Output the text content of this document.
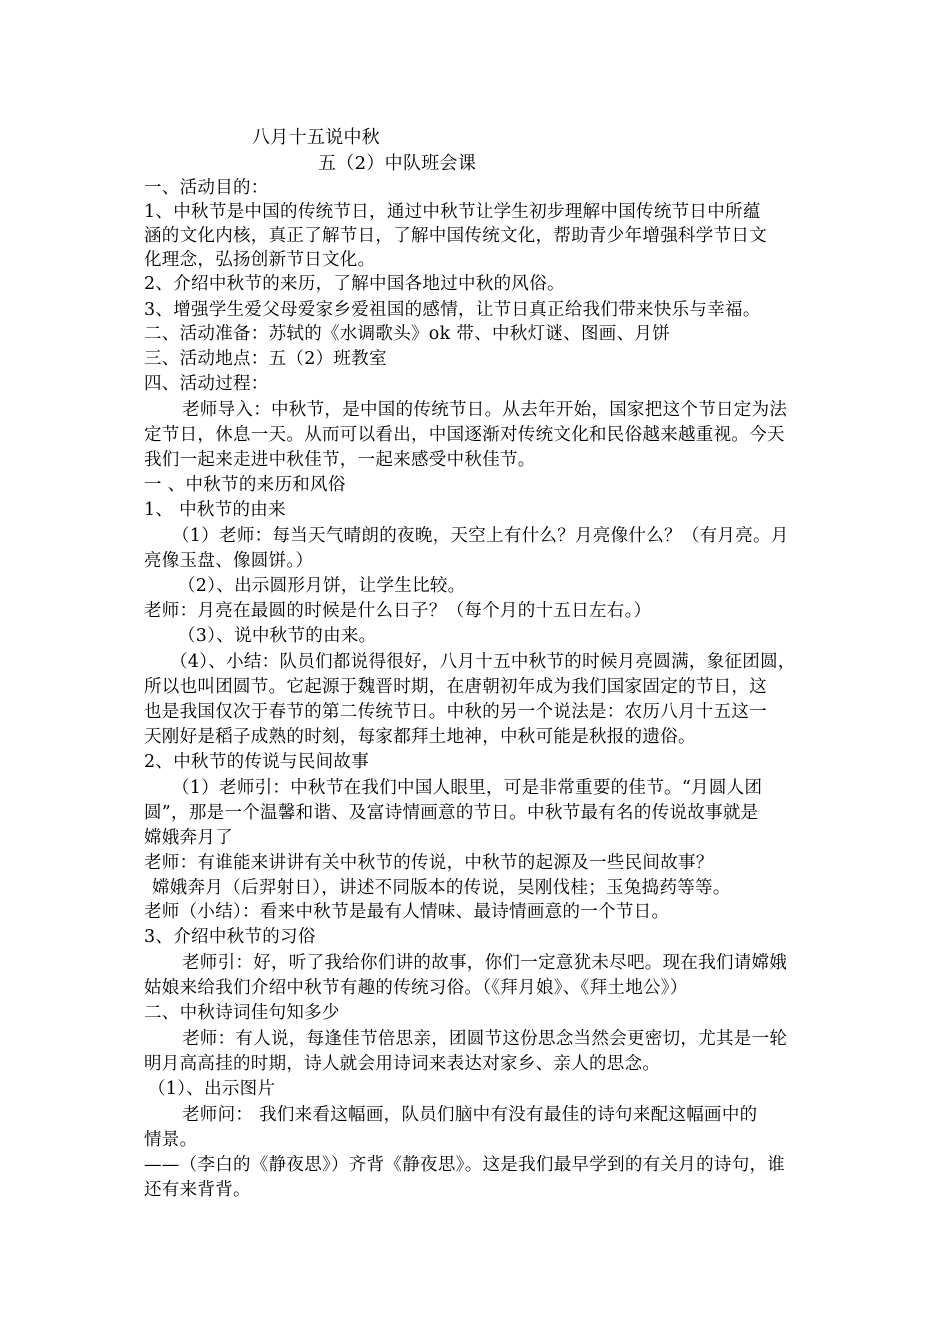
八月十五说中秋
五（2）中队班会课
一、活动目的：
1、中秋节是中国的传统节日，通过中秋节让学生初步理解中国传统节日中所蕴
涵的文化内核，真正了解节日，了解中国传统文化，帮助青少年增强科学节日文
化理念，弘扬创新节日文化。
2、介绍中秋节的来历，了解中国各地过中秋的风俗。
3、增强学生爱父母爱家乡爱祖国的感情，让节日真正给我们带来快乐与幸福。
二、活动准备：苏轼的《水调歌头》ok 带、中秋灯谜、图画、月饼
三、活动地点：五（2）班教室
四、活动过程：
老师导入：中秋节，是中国的传统节日。从去年开始，国家把这个节日定为法
定节日，休息一天。从而可以看出，中国逐渐对传统文化和民俗越来越重视。今天
我们一起来走进中秋佳节，一起来感受中秋佳节。
一 、中秋节的来历和风俗
1、 中秋节的由来
（1）老师：每当天气晴朗的夜晚，天空上有什么？月亮像什么？（有月亮。月
亮像玉盘、像圆饼。）
（2）、出示圆形月饼，让学生比较。
老师：月亮在最圆的时候是什么日子？（每个月的十五日左右。）
（3）、说中秋节的由来。
（4）、小结：队员们都说得很好，八月十五中秋节的时候月亮圆满，象征团圆，
所以也叫团圆节。它起源于魏晋时期，在唐朝初年成为我们国家固定的节日，这
也是我国仅次于春节的第二传统节日。中秋的另一个说法是：农历八月十五这一
天刚好是稻子成熟的时刻，每家都拜土地神，中秋可能是秋报的遗俗。
2、中秋节的传说与民间故事
（1）老师引：中秋节在我们中国人眼里，可是非常重要的佳节。“月圆人团
圆”，那是一个温馨和谐、及富诗情画意的节日。中秋节最有名的传说故事就是
嫦娥奔月了
老师：有谁能来讲讲有关中秋节的传说，中秋节的起源及一些民间故事？
嫦娥奔月（后羿射日），讲述不同版本的传说，吴刚伐桂；玉兔捣药等等。
老师（小结）：看来中秋节是最有人情味、最诗情画意的一个节日。
3、介绍中秋节的习俗
老师引：好，听了我给你们讲的故事，你们一定意犹未尽吧。现在我们请嫦娥
姑娘来给我们介绍中秋节有趣的传统习俗。（《拜月娘》、《拜土地公》）
二、中秋诗词佳句知多少
老师：有人说，每逢佳节倍思亲，团圆节这份思念当然会更密切，尤其是一轮
明月高高挂的时期，诗人就会用诗词来表达对家乡、亲人的思念。
（1）、出示图片
老师问： 我们来看这幅画，队员们脑中有没有最佳的诗句来配这幅画中的
情景。
——（李白的《静夜思》）齐背《静夜思》。这是我们最早学到的有关月的诗句，谁
还有来背背。
